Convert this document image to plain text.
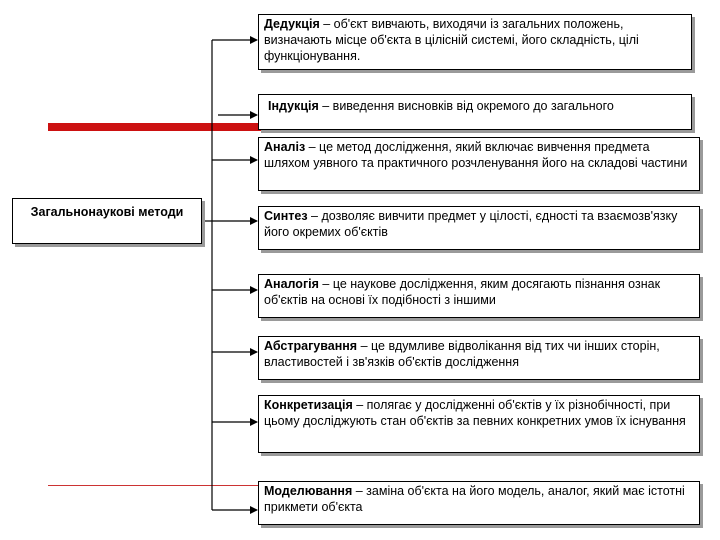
Загальнонаукові методи
Дедукція – об'єкт вивчають, виходячи із загальних положень, визначають місце об'єкта в цілісній системі, його складність, цілі функціонування.
Індукція – виведення висновків від окремого до загального
Аналіз – це метод дослідження, який включає вивчення предмета шляхом уявного та практичного розчленування його на складові частини
Синтез – дозволяє вивчити предмет у цілості, єдності та взаємозв'язку його окремих об'єктів
Аналогія – це наукове дослідження, яким досягають пізнання ознак об'єктів на основі їх подібності з іншими
Абстрагування – це вдумливе відволікання від тих чи інших сторін, властивостей і зв'язків об'єктів дослідження
Конкретизація – полягає у дослідженні об'єктів у їх різнобічності, при цьому досліджують стан об'єктів за певних конкретних умов їх існування
Моделювання – заміна об'єкта на його модель, аналог, який має істотні прикмети об'єкта
